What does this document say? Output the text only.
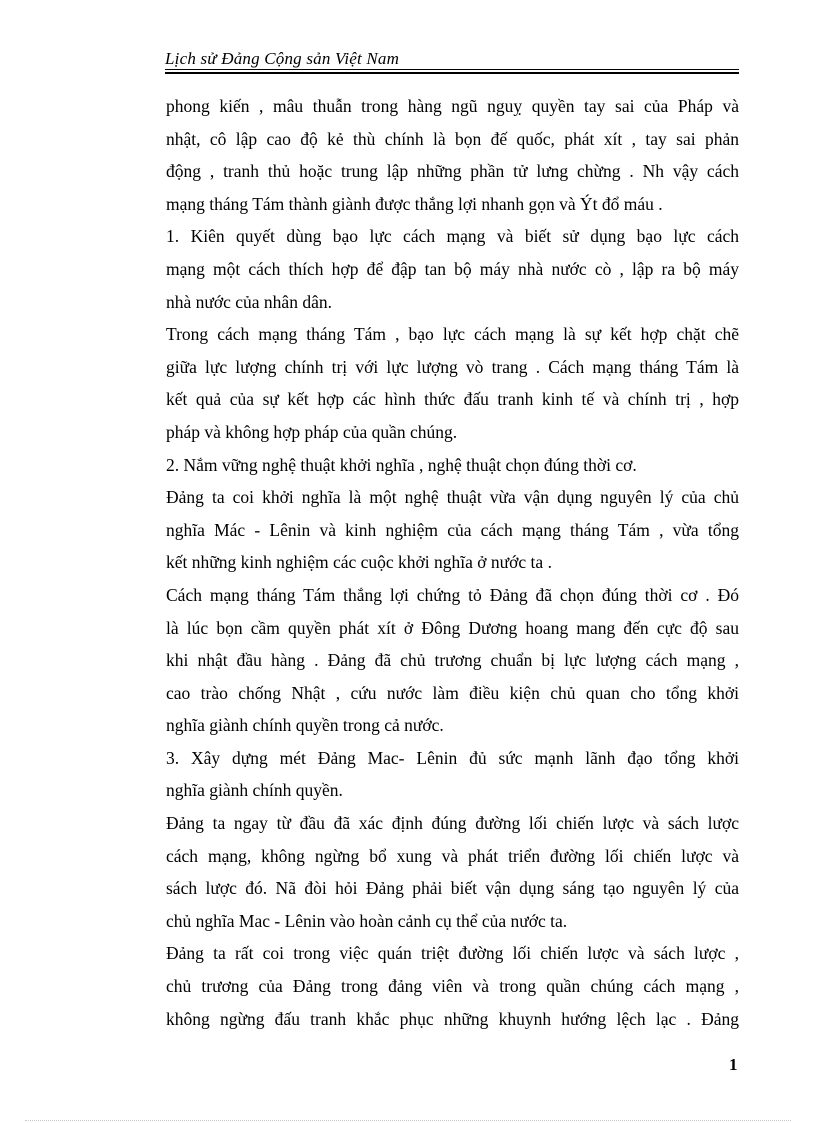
Lịch sử Đảng Cộng sản Việt Nam
phong kiến , mâu thuẫn trong hàng ngũ nguỵ quyền tay sai của Pháp và
nhật, cô lập cao độ kẻ thù chính là bọn đế quốc, phát xít , tay sai phản
động , tranh thủ hoặc trung lập những phần tử lưng chừng . Nh vậy cách
mạng tháng Tám thành giành được thắng lợi nhanh gọn và Ýt đổ máu .
1. Kiên quyết dùng bạo lực cách mạng và biết sử dụng bạo lực cách
mạng một cách thích hợp để đập tan bộ máy nhà nước cò , lập ra bộ máy
nhà nước của nhân dân.
Trong cách mạng tháng Tám , bạo lực cách mạng là sự kết hợp chặt chẽ
giữa lực lượng chính trị với lực lượng vò trang . Cách mạng tháng Tám là
kết quả của sự kết hợp các hình thức đấu tranh kinh tế và chính trị , hợp
pháp và không hợp pháp của quần chúng.
2. Nắm vững nghệ thuật khởi nghĩa , nghệ thuật chọn đúng thời cơ.
Đảng ta coi khởi nghĩa là một nghệ thuật vừa vận dụng nguyên lý của chủ
nghĩa Mác - Lênin và kinh nghiệm của cách mạng tháng Tám , vừa tổng
kết những kinh nghiệm các cuộc khởi nghĩa ở nước ta .
Cách mạng tháng Tám thắng lợi chứng tỏ Đảng đã chọn đúng thời cơ . Đó
là lúc bọn cầm quyền phát xít ở Đông Dương hoang mang đến cực độ sau
khi nhật đầu hàng . Đảng đã chủ trương chuẩn bị lực lượng cách mạng ,
cao trào chống Nhật , cứu nước làm điều kiện chủ quan cho tổng khởi
nghĩa giành chính quyền trong cả nước.
3. Xây dựng mét Đảng Mac- Lênin đủ sức mạnh lãnh đạo tổng khởi
nghĩa giành chính quyền.
Đảng ta ngay từ đầu đã xác định đúng đường lối chiến lược và sách lược
cách mạng, không ngừng bổ xung và phát triển đường lối chiến lược và
sách lược đó. Nã đòi hỏi Đảng phải biết vận dụng sáng tạo nguyên lý của
chủ nghĩa Mac - Lênin vào hoàn cảnh cụ thể của nước ta.
Đảng ta rất coi trong việc quán triệt đường lối chiến lược và sách lược ,
chủ trương của Đảng trong đảng viên và trong quần chúng cách mạng ,
không ngừng đấu tranh khắc phục những khuynh hướng lệch lạc . Đảng
1
